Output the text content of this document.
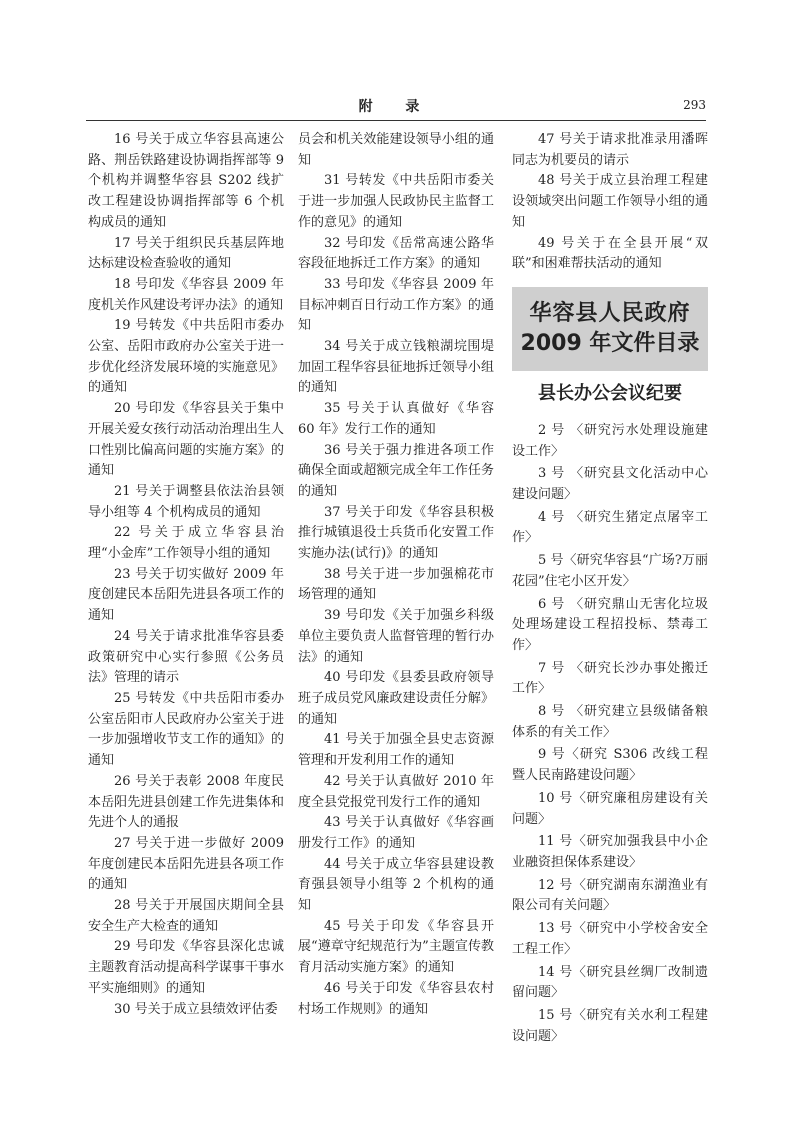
附 录	293

16 号关于成立华容县高速公路、荆岳铁路建设协调指挥部等 9 个机构并调整华容县 S202 线扩改工程建设协调指挥部等 6 个机构成员的通知

17 号关于组织民兵基层阵地达标建设检查验收的通知

18 号印发《华容县 2009 年度机关作风建设考评办法》的通知

19 号转发《中共岳阳市委办公室、岳阳市政府办公室关于进一步优化经济发展环境的实施意见》的通知

20 号印发《华容县关于集中开展关爱女孩行动活动治理出生人口性别比偏高问题的实施方案》的通知

21 号关于调整县依法治县领导小组等 4 个机构成员的通知

22 号关于成立华容县治理“小金库”工作领导小组的通知

23 号关于切实做好 2009 年度创建民本岳阳先进县各项工作的通知

24 号关于请求批准华容县委政策研究中心实行参照《公务员法》管理的请示

25 号转发《中共岳阳市委办公室岳阳市人民政府办公室关于进一步加强增收节支工作的通知》的通知

26 号关于表彰 2008 年度民本岳阳先进县创建工作先进集体和先进个人的通报

27 号关于进一步做好 2009 年度创建民本岳阳先进县各项工作的通知

28 号关于开展国庆期间全县安全生产大检查的通知

29 号印发《华容县深化忠诚主题教育活动提高科学谋事干事水平实施细则》的通知

30 号关于成立县绩效评估委

员会和机关效能建设领导小组的通知

31 号转发《中共岳阳市委关于进一步加强人民政协民主监督工作的意见》的通知

32 号印发《岳常高速公路华容段征地拆迁工作方案》的通知

33 号印发《华容县 2009 年目标冲刺百日行动工作方案》的通知

34 号关于成立钱粮湖垸围堤加固工程华容县征地拆迁领导小组的通知

35 号关于认真做好《华容 60 年》发行工作的通知

36 号关于强力推进各项工作确保全面或超额完成全年工作任务的通知

37 号关于印发《华容县积极推行城镇退役士兵货币化安置工作实施办法(试行)》的通知

38 号关于进一步加强棉花市场管理的通知

39 号印发《关于加强乡科级单位主要负责人监督管理的暂行办法》的通知

40 号印发《县委县政府领导班子成员党风廉政建设责任分解》的通知

41 号关于加强全县史志资源管理和开发利用工作的通知

42 号关于认真做好 2010 年度全县党报党刊发行工作的通知

43 号关于认真做好《华容画册发行工作》的通知

44 号关于成立华容县建设教育强县领导小组等 2 个机构的通知

45 号关于印发《华容县开展“遵章守纪规范行为”主题宣传教育月活动实施方案》的通知

46 号关于印发《华容县农村村场工作规则》的通知

47 号关于请求批准录用潘晖同志为机要员的请示

48 号关于成立县治理工程建设领域突出问题工作领导小组的通知

49 号关于在全县开展“双联”和困难帮扶活动的通知

华容县人民政府
2009 年文件目录
县长办公会议纪要

2 号 〈研究污水处理设施建设工作〉

3 号 〈研究县文化活动中心建设问题〉

4 号 〈研究生猪定点屠宰工作〉

5 号〈研究华容县“广场?万丽花园”住宅小区开发〉

6 号 〈研究鼎山无害化垃圾处理场建设工程招投标、禁毒工作〉

7 号 〈研究长沙办事处搬迁工作〉

8 号 〈研究建立县级储备粮体系的有关工作〉

9 号〈研究 S306 改线工程暨人民南路建设问题〉

10 号〈研究廉租房建设有关问题〉

11 号〈研究加强我县中小企业融资担保体系建设〉

12 号〈研究湖南东湖渔业有限公司有关问题〉

13 号〈研究中小学校舍安全工程工作〉

14 号〈研究县丝绸厂改制遗留问题〉

15 号〈研究有关水利工程建设问题〉
